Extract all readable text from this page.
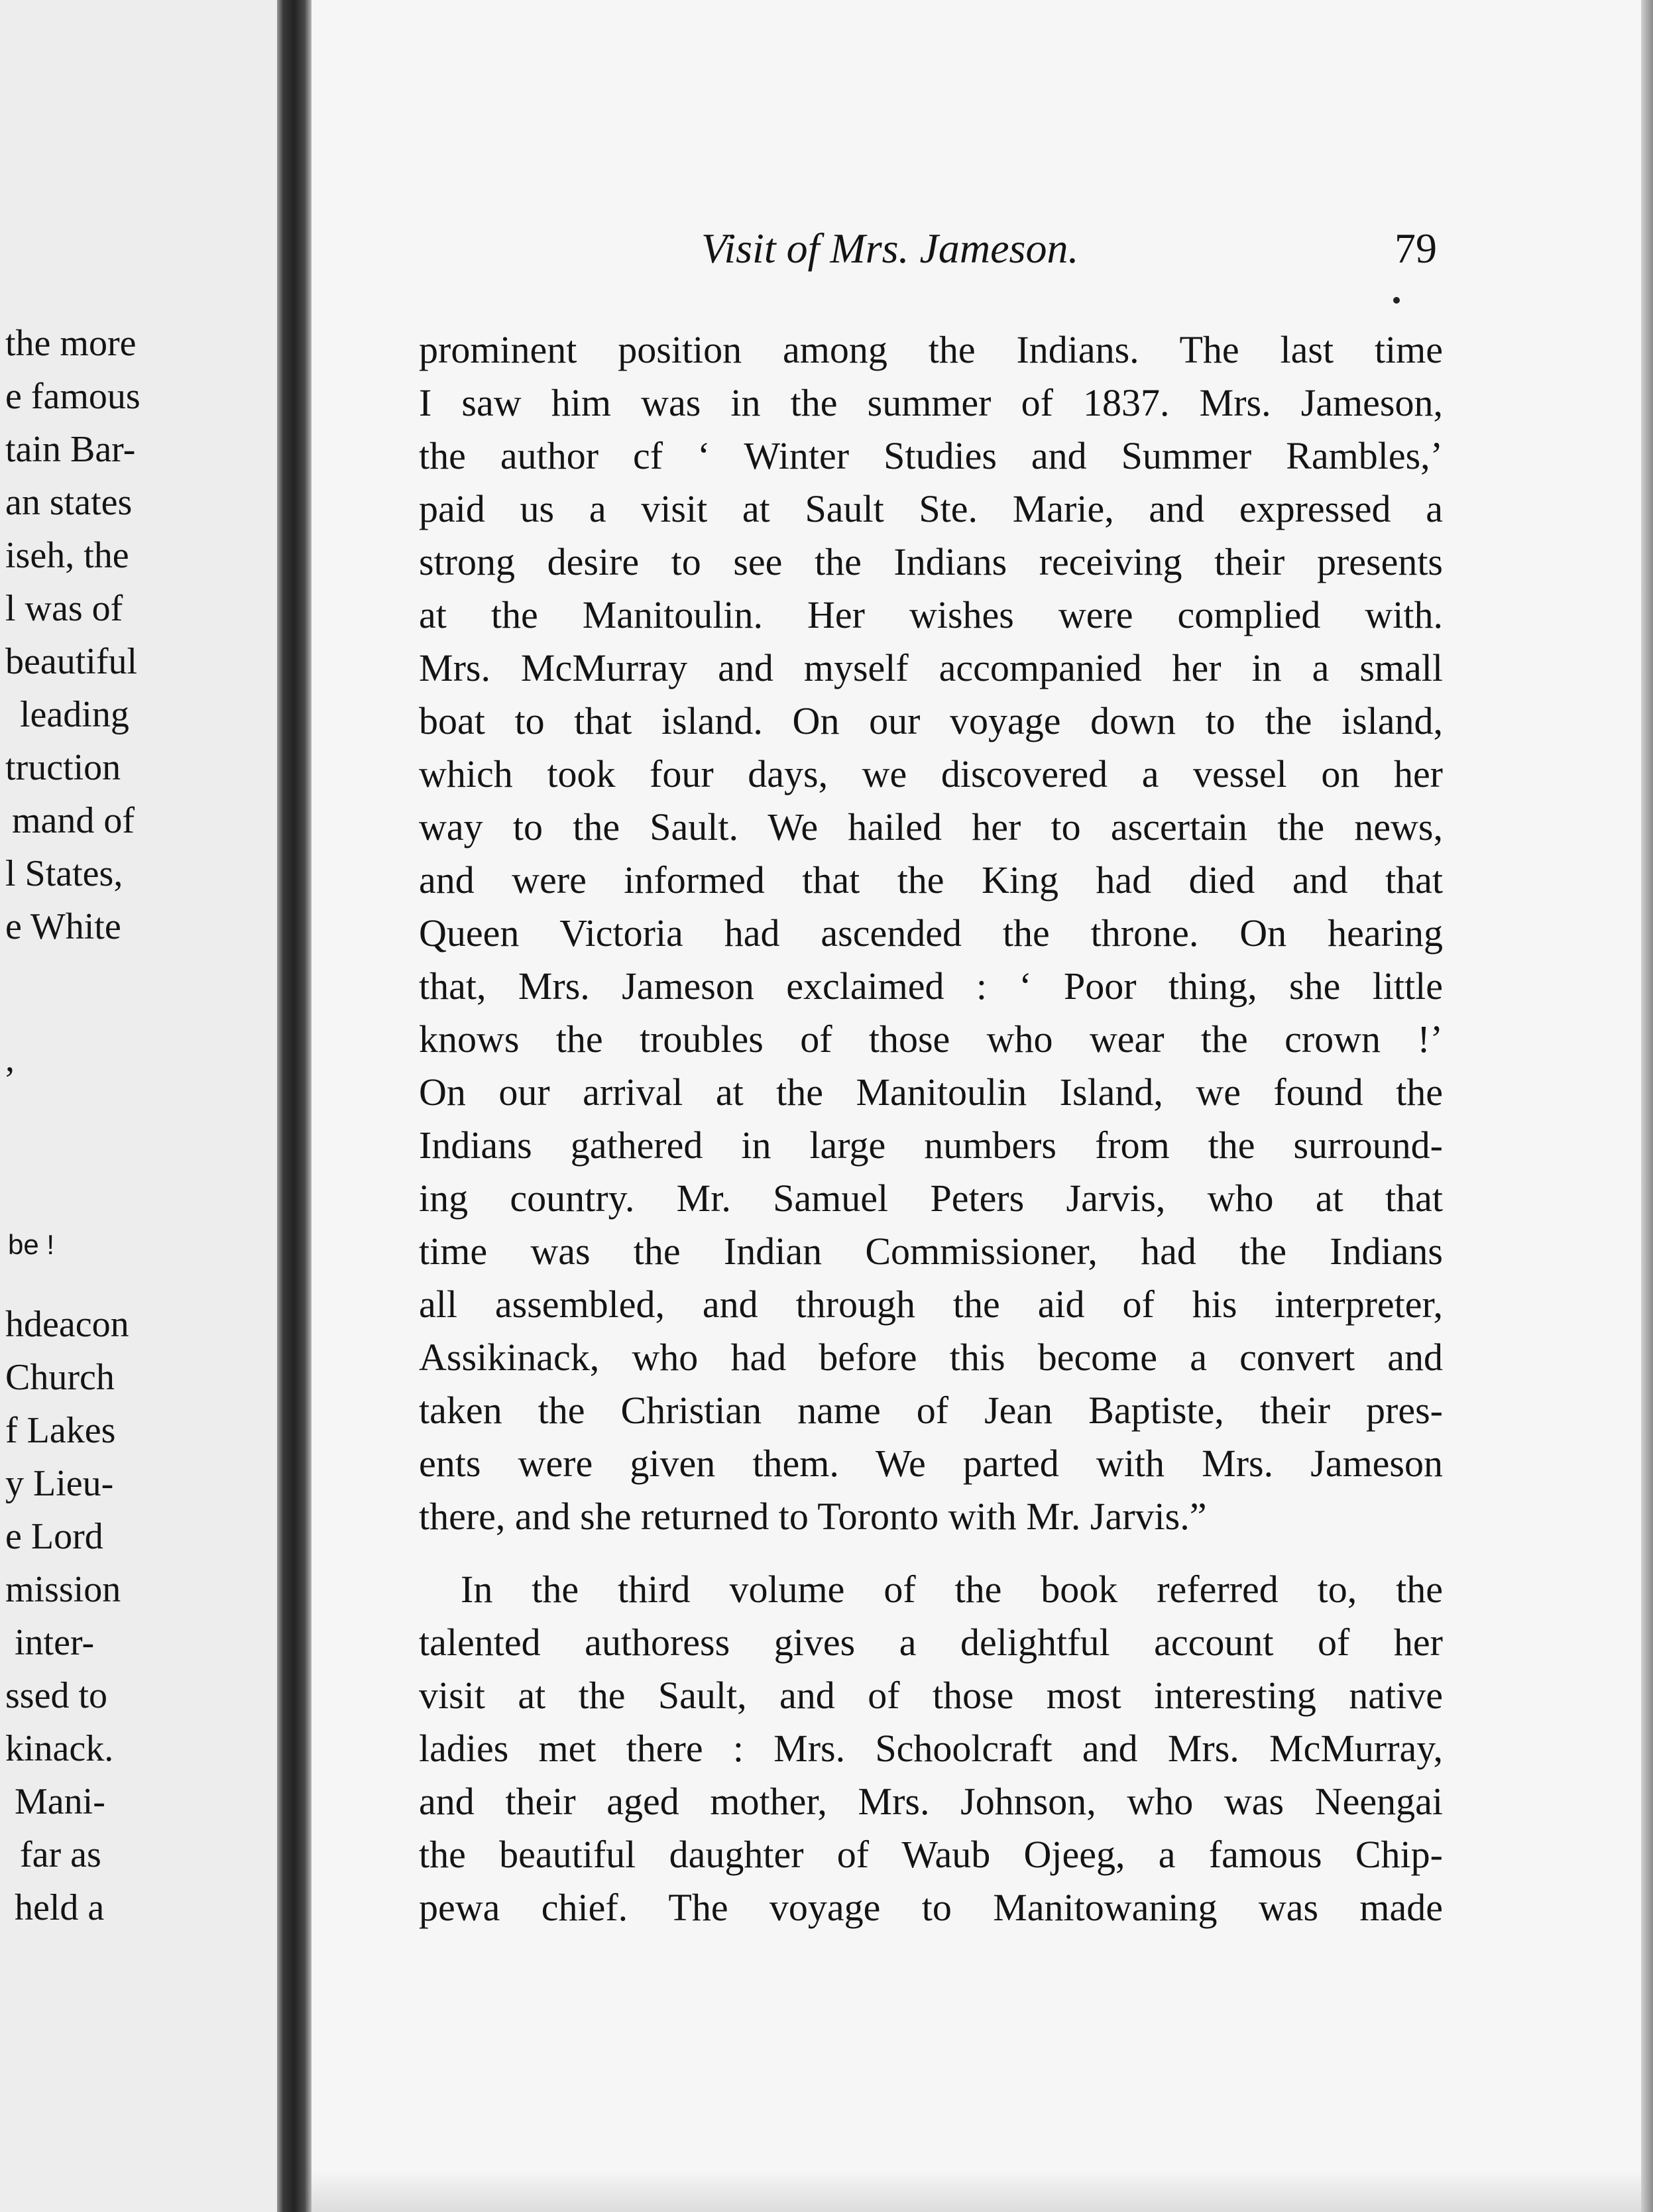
the more

e famous

tain Bar-

an states

iseh, the

l was of

beautiful

leading

truction

mand of

l States,

e White

,

be !

hdeacon

Church

f Lakes

y Lieu-

e Lord

mission

inter-

ssed to

kinack.

Mani-

far as

held a

Visit of Mrs. Jameson.	79

prominent position among the Indians. The last time

I saw him was in the summer of 1837. Mrs. Jameson,

the author cf ‘ Winter Studies and Summer Rambles,’

paid us a visit at Sault Ste. Marie, and expressed a

strong desire to see the Indians receiving their presents

at the Manitoulin. Her wishes were complied with.

Mrs. McMurray and myself accompanied her in a small

boat to that island. On our voyage down to the island,

which took four days, we discovered a vessel on her

way to the Sault. We hailed her to ascertain the news,

and were informed that the King had died and that

Queen Victoria had ascended the throne. On hearing

that, Mrs. Jameson exclaimed : ‘ Poor thing, she little

knows the troubles of those who wear the crown !’

On our arrival at the Manitoulin Island, we found the

Indians gathered in large numbers from the surround-

ing country. Mr. Samuel Peters Jarvis, who at that

time was the Indian Commissioner, had the Indians

all assembled, and through the aid of his interpreter,

Assikinack, who had before this become a convert and

taken the Christian name of Jean Baptiste, their pres-

ents were given them. We parted with Mrs. Jameson

there, and she returned to Toronto with Mr. Jarvis.”

In the third volume of the book referred to, the

talented authoress gives a delightful account of her

visit at the Sault, and of those most interesting native

ladies met there : Mrs. Schoolcraft and Mrs. McMurray,

and their aged mother, Mrs. Johnson, who was Neengai

the beautiful daughter of Waub Ojeeg, a famous Chip-

pewa chief. The voyage to Manitowaning was made
